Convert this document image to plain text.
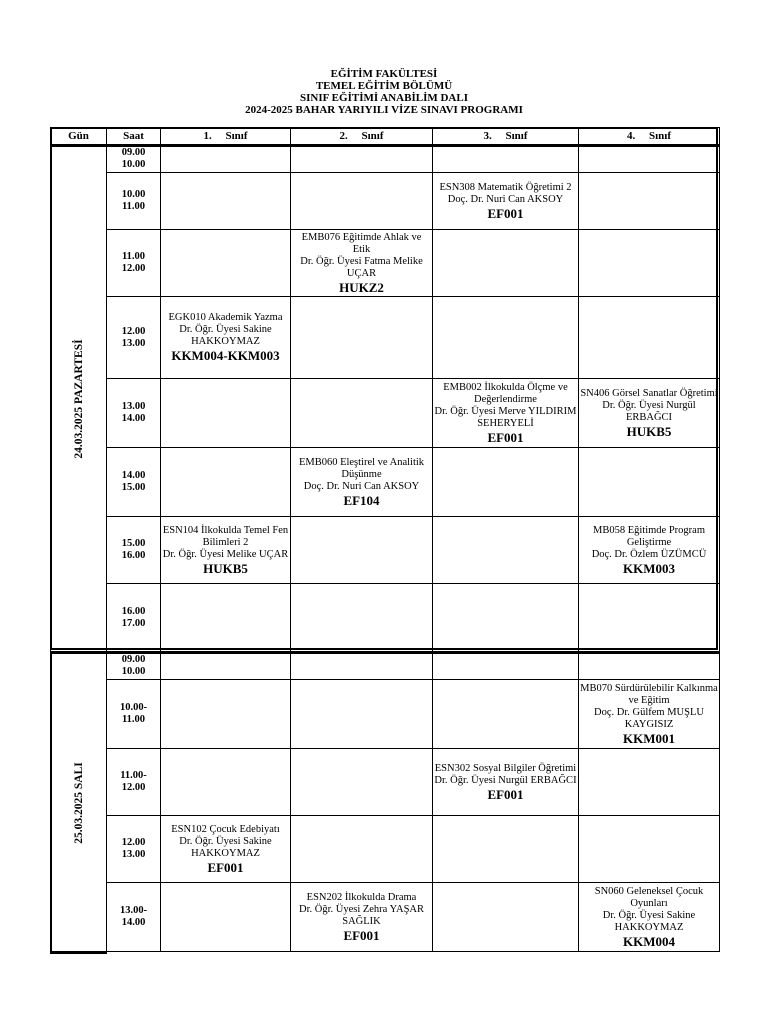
EĞİTİM FAKÜLTESİ
TEMEL EĞİTİM BÖLÜMÜ
SINIF EĞİTİMİ ANABİLİM DALI
2024-2025 BAHAR YARIYILI VİZE SINAVI PROGRAMI
Gün	Saat	1.     Sınıf	2.     Sınıf	3.     Sınıf	4.     Sınıf

24.03.2025 PAZARTESİ	09.00
10.00				

	10.00
11.00			ESN308 Matematik Öğretimi 2
Doç. Dr. Nuri Can AKSOY
EF001	

	11.00
12.00		EMB076 Eğitimde Ahlak ve Etik
Dr. Öğr. Üyesi Fatma Melike UÇAR
HUKZ2		

	12.00
13.00	EGK010 Akademik Yazma
Dr. Öğr. Üyesi Sakine HAKKOYMAZ
KKM004-KKM003			

	13.00
14.00			EMB002 İlkokulda Ölçme ve Değerlendirme
Dr. Öğr. Üyesi Merve YILDIRIM SEHERYELİ
EF001	SN406 Görsel Sanatlar Öğretimi
Dr. Öğr. Üyesi Nurgül ERBAĞCI
HUKB5

	14.00
15.00		EMB060 Eleştirel ve Analitik Düşünme
Doç. Dr. Nuri Can AKSOY
EF104		

	15.00
16.00	ESN104 İlkokulda Temel Fen Bilimleri 2
Dr. Öğr. Üyesi Melike UÇAR
HUKB5			MB058 Eğitimde Program Geliştirme
Doç. Dr. Özlem ÜZÜMCÜ
KKM003

	16.00
17.00				

25.03.2025 SALI	09.00
10.00				

	10.00-
11.00				MB070 Sürdürülebilir Kalkınma ve Eğitim
Doç. Dr. Gülfem MUŞLU KAYGISIZ
KKM001

	11.00-
12.00			ESN302 Sosyal Bilgiler Öğretimi
Dr. Öğr. Üyesi Nurgül ERBAĞCI
EF001	

	12.00
13.00	ESN102 Çocuk Edebiyatı
Dr. Öğr. Üyesi Sakine HAKKOYMAZ
EF001			

	13.00-
14.00		ESN202 İlkokulda Drama
Dr. Öğr. Üyesi Zehra YAŞAR SAĞLIK
EF001		SN060 Geleneksel Çocuk Oyunları
Dr. Öğr. Üyesi Sakine HAKKOYMAZ
KKM004
